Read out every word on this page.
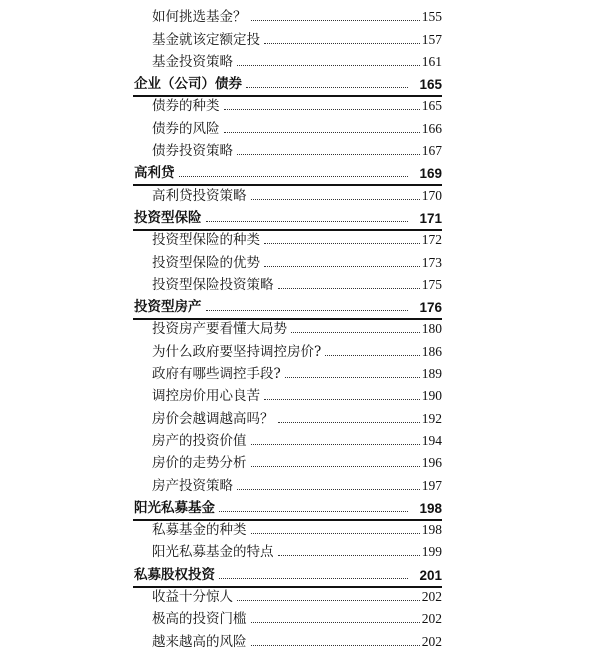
如何挑选基金？	155
基金就该定额定投	157
基金投资策略	161
企业（公司）债券	165
债券的种类	165
债券的风险	166
债券投资策略	167
高利贷	169
高利贷投资策略	170
投资型保险	171
投资型保险的种类	172
投资型保险的优势	173
投资型保险投资策略	175
投资型房产	176
投资房产要看懂大局势	180
为什么政府要坚持调控房价?	186
政府有哪些调控手段?	189
调控房价用心良苦	190
房价会越调越高吗？	192
房产的投资价值	194
房价的走势分析	196
房产投资策略	197
阳光私募基金	198
私募基金的种类	198
阳光私募基金的特点	199
私募股权投资	201
收益十分惊人	202
极高的投资门槛	202
越来越高的风险	202
